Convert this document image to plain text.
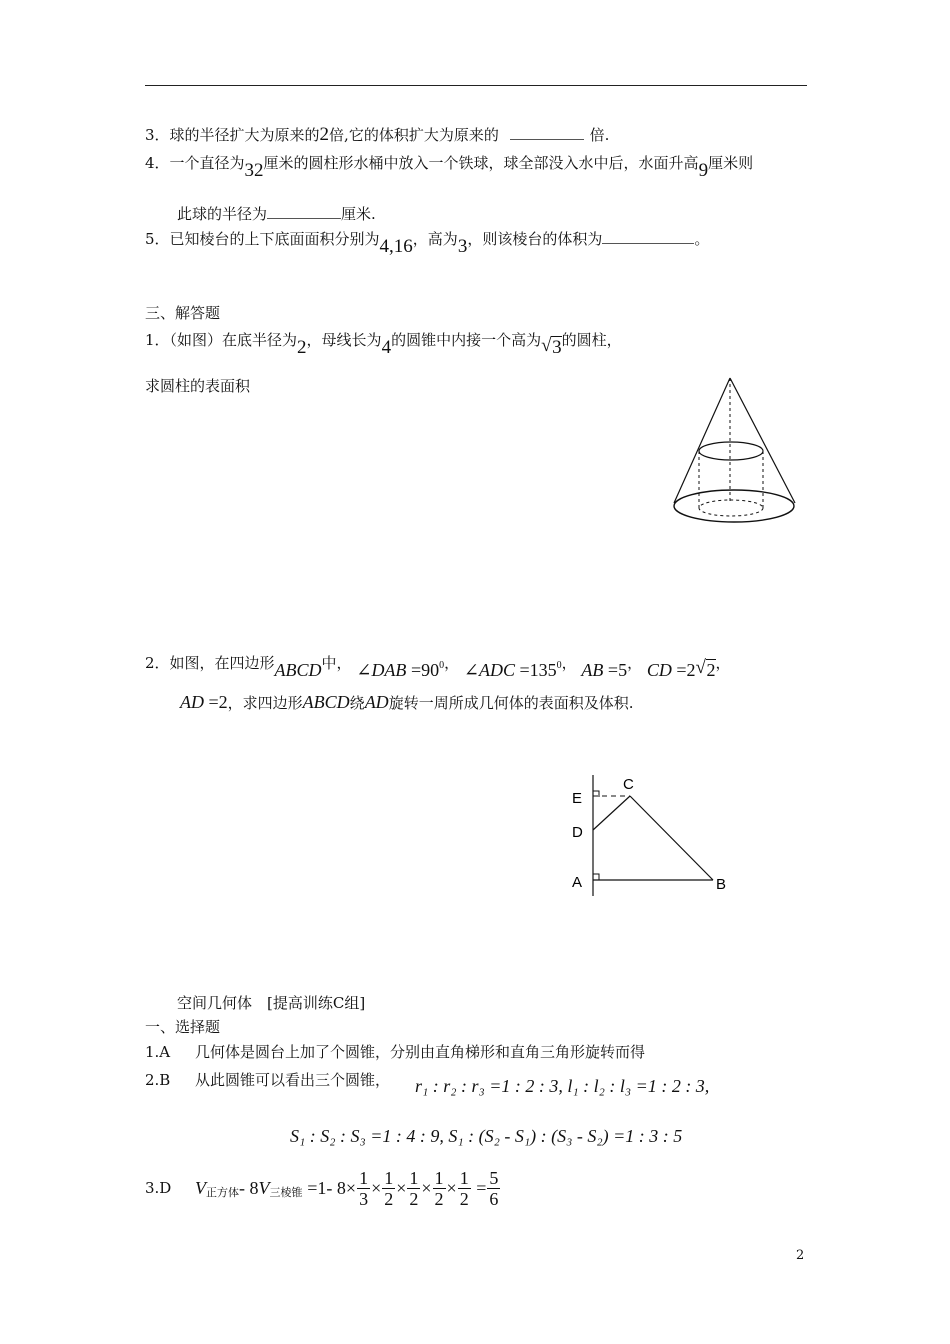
3．球的半径扩大为原来的2倍,它的体积扩大为原来的	倍.
4．一个直径为32厘米的圆柱形水桶中放入一个铁球，球全部没入水中后，水面升高9厘米则
此球的半径为	厘米.
5．已知棱台的上下底面面积分别为4,16，高为3，则该棱台的体积为	。
三、解答题
1．（如图）在底半径为2，母线长为4的圆锥中内接一个高为 √ 3的圆柱，
求圆柱的表面积
2．如图，在四边形ABCD中， ∠DAB $=90^0$， ∠ADC $=135^0$， AB =5， CD =2 √ 2，
AD =2，求四边形ABCD绕AD旋转一周所成几何体的表面积及体积.
E
C
D
A	B
空间几何体　[提高训练C组]
一、选择题
1.A 几何体是圆台上加了个圆锥，分别由直角梯形和直角三角形旋转而得
2.B 从此圆锥可以看出三个圆锥， r₁ : r₂ : r₃ =1 : 2 : 3, l₁ : l₂ : l₃ =1 : 2 : 3,
S₁ : S₂ : S₃ =1 : 4 : 9, S₁ : (S₂ - S₁) : (S₃ - S₂) =1 : 3 : 5
3.D $V_{正方体}-$ $8V_{三棱锥} =1-$ $8\times \frac{1}{3} \times \frac{1}{2} \times \frac{1}{2} \times \frac{1}{2} \times \frac{1}{2} = \frac{5}{6}$
2
